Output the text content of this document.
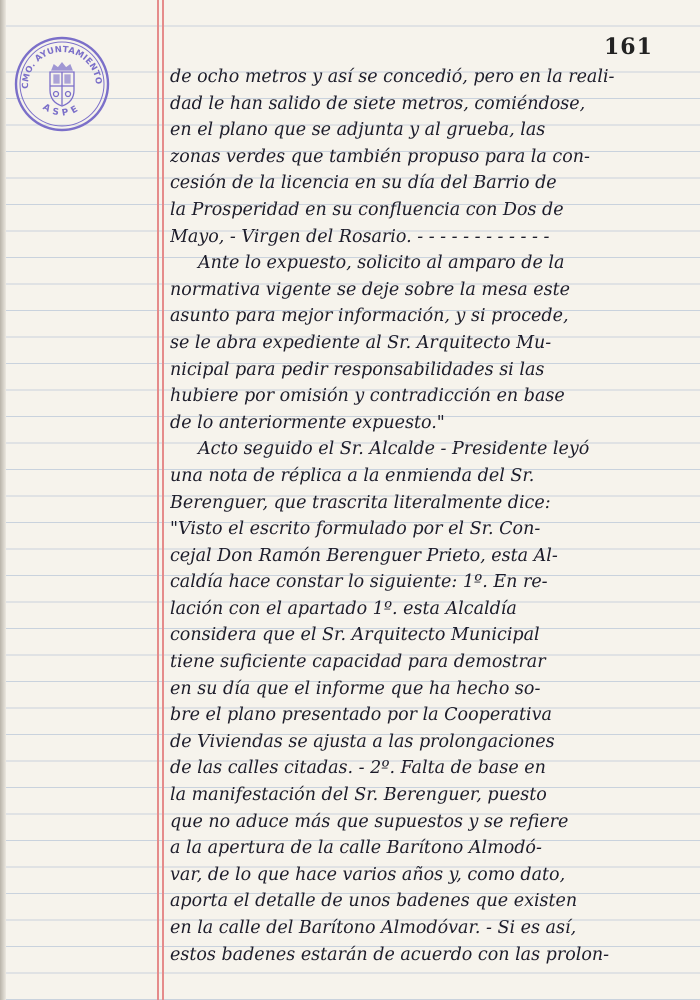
CMO. AYUNTAMIENTO
ASPE
161
de ocho metros y así se concedió, pero en la reali-
dad le han salido de siete metros, comiéndose,
en el plano que se adjunta y al grueba, las
zonas verdes que también propuso para la con-
cesión de la licencia en su día del Barrio de
la Prosperidad en su confluencia con Dos de
Mayo, - Virgen del Rosario. - - - - - - - - - - - -
Ante lo expuesto, solicito al amparo de la
normativa vigente se deje sobre la mesa este
asunto para mejor información, y si procede,
se le abra expediente al Sr. Arquitecto Mu-
nicipal para pedir responsabilidades si las
hubiere por omisión y contradicción en base
de lo anteriormente expuesto."
Acto seguido el Sr. Alcalde - Presidente leyó
una nota de réplica a la enmienda del Sr.
Berenguer, que trascrita literalmente dice:
"Visto el escrito formulado por el Sr. Con-
cejal Don Ramón Berenguer Prieto, esta Al-
caldía hace constar lo siguiente: 1º. En re-
lación con el apartado 1º. esta Alcaldía
considera que el Sr. Arquitecto Municipal
tiene suficiente capacidad para demostrar
en su día que el informe que ha hecho so-
bre el plano presentado por la Cooperativa
de Viviendas se ajusta a las prolongaciones
de las calles citadas. - 2º. Falta de base en
la manifestación del Sr. Berenguer, puesto
que no aduce más que supuestos y se refiere
a la apertura de la calle Barítono Almodó-
var, de lo que hace varios años y, como dato,
aporta el detalle de unos badenes que existen
en la calle del Barítono Almodóvar. - Si es así,
estos badenes estarán de acuerdo con las prolon-
